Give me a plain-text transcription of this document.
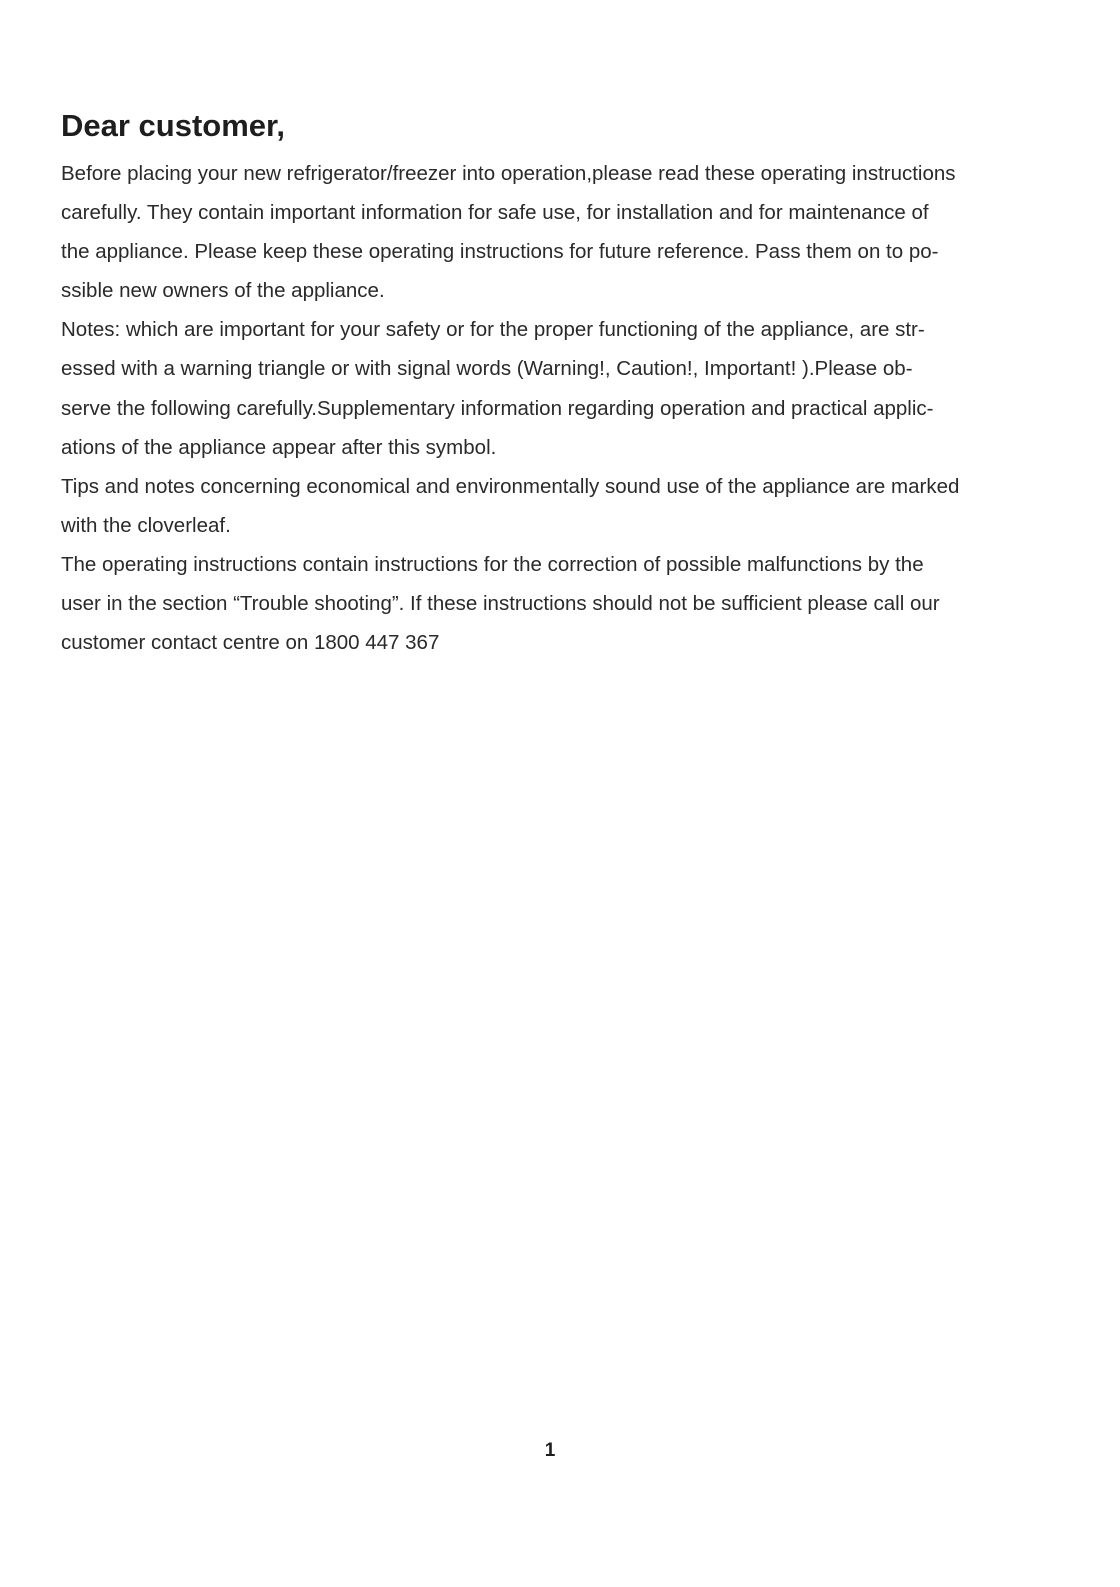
Dear customer,
Before placing your new refrigerator/freezer into operation,please read these operating instructions
carefully. They contain important information for safe use, for installation and for maintenance of
the appliance. Please keep these operating instructions for future reference. Pass them on to po-
ssible new owners of the appliance.
Notes: which are important for your safety or for the proper functioning of the appliance, are str-
essed with a warning triangle or with signal words (Warning!, Caution!, Important! ).Please ob-
serve the following carefully.Supplementary information regarding operation and practical applic-
ations of the appliance appear after this symbol.
Tips and notes concerning economical and environmentally sound use of the appliance are marked
with the cloverleaf.
The operating instructions contain instructions for the correction of possible malfunctions by the
user in the section “Trouble shooting”. If these instructions should not be sufficient please call our
customer contact centre on 1800 447 367
1
